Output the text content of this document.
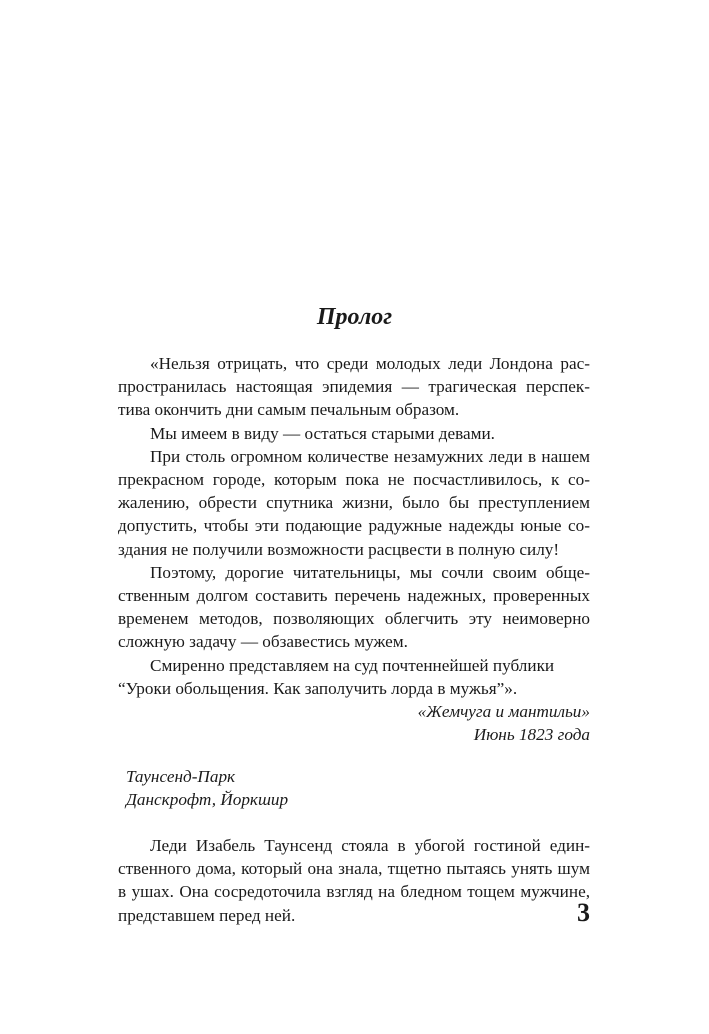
Пролог

«Нельзя отрицать, что среди молодых леди Лондона распространилась настоящая эпидемия — трагическая перспектива окончить дни самым печальным образом.

Мы имеем в виду — остаться старыми девами.

При столь огромном количестве незамужних леди в нашем прекрасном городе, которым пока не посчастливилось, к сожалению, обрести спутника жизни, было бы преступлением допустить, чтобы эти подающие радужные надежды юные создания не получили возможности расцвести в полную силу!

Поэтому, дорогие читательницы, мы сочли своим общественным долгом составить перечень надежных, проверенных временем методов, позволяющих облегчить эту неимоверно сложную задачу — обзавестись мужем.

Смиренно представляем на суд почтеннейшей публики

“Уроки обольщения. Как заполучить лорда в мужья”».

«Жемчуга и мантильи»

Июнь 1823 года

Таунсенд-Парк
Данскрофт, Йоркшир

Леди Изабель Таунсенд стояла в убогой гостиной единственного дома, который она знала, тщетно пытаясь унять шум в ушах. Она сосредоточила взгляд на бледном тощем мужчине, представшем перед ней.	3
